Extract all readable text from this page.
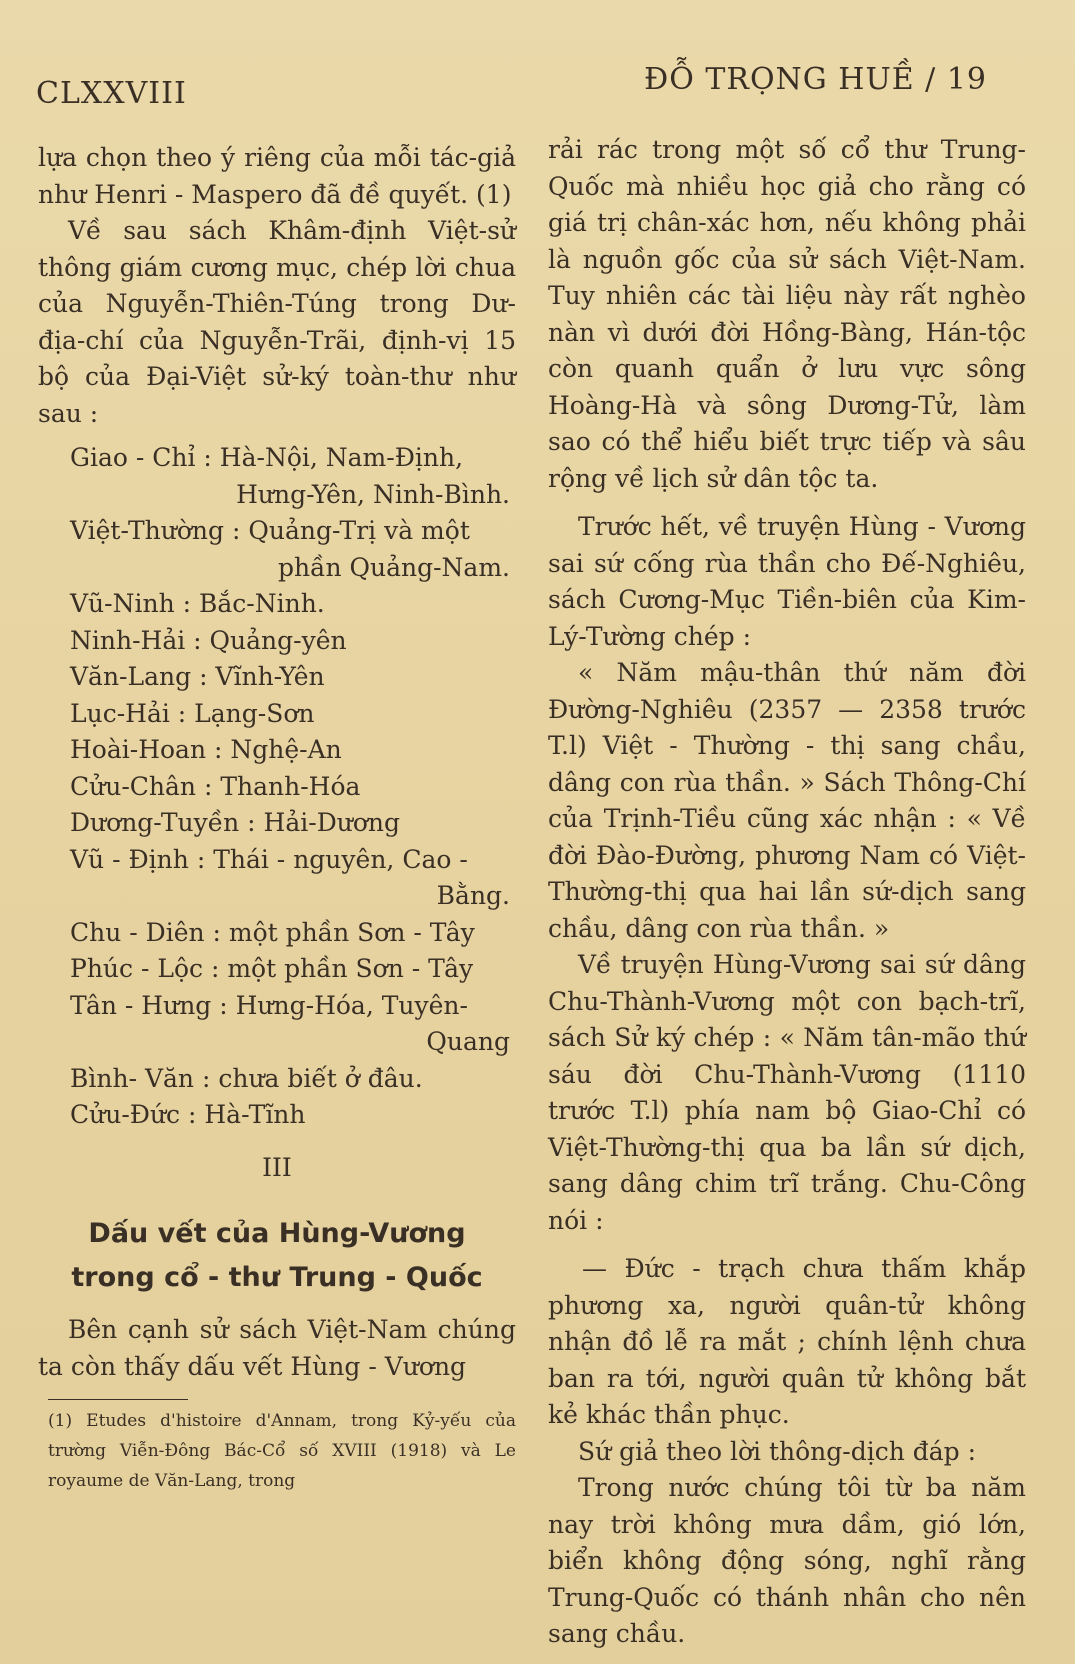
CLXXVIII	ĐỖ TRỌNG HUỀ / 19

lựa chọn theo ý riêng của mỗi tác-giả như Henri - Maspero đã đề quyết. (1)

Về sau sách Khâm-định Việt-sử thông giám cương mục, chép lời chua của Nguyễn-Thiên-Túng trong Dư-địa-chí của Nguyễn-Trãi, định-vị 15 bộ của Đại-Việt sử-ký toàn-thư như sau :

Giao - Chỉ : Hà-Nội, Nam-Định,
Hưng-Yên, Ninh-Bình.
Việt-Thường : Quảng-Trị và một
phần Quảng-Nam.
Vũ-Ninh : Bắc-Ninh.
Ninh-Hải : Quảng-yên
Văn-Lang : Vĩnh-Yên
Lục-Hải : Lạng-Sơn
Hoài-Hoan : Nghệ-An
Cửu-Chân : Thanh-Hóa
Dương-Tuyền : Hải-Dương
Vũ - Định : Thái - nguyên, Cao -
Bằng.
Chu - Diên : một phần Sơn - Tây
Phúc - Lộc : một phần Sơn - Tây
Tân - Hưng : Hưng-Hóa, Tuyên-
Quang
Bình- Văn : chưa biết ở đâu.
Cửu-Đức : Hà-Tĩnh
III
Dấu vết của Hùng-Vương
trong cổ - thư Trung - Quốc

Bên cạnh sử sách Việt-Nam chúng ta còn thấy dấu vết Hùng - Vương

(1) Etudes d'histoire d'Annam, trong Kỷ-yếu của trường Viễn-Đông Bác-Cổ số XVIII (1918) và Le royaume de Văn-Lang, trong

rải rác trong một số cổ thư Trung-Quốc mà nhiều học giả cho rằng có giá trị chân-xác hơn, nếu không phải là nguồn gốc của sử sách Việt-Nam. Tuy nhiên các tài liệu này rất nghèo nàn vì dưới đời Hồng-Bàng, Hán-tộc còn quanh quẩn ở lưu vực sông Hoàng-Hà và sông Dương-Tử, làm sao có thể hiểu biết trực tiếp và sâu rộng về lịch sử dân tộc ta.

Trước hết, về truyện Hùng - Vương sai sứ cống rùa thần cho Đế-Nghiêu, sách Cương-Mục Tiền-biên của Kim-Lý-Tường chép :

« Năm mậu-thân thứ năm đời Đường-Nghiêu (2357 — 2358 trước T.l) Việt - Thường - thị sang chầu, dâng con rùa thần. » Sách Thông-Chí của Trịnh-Tiều cũng xác nhận : « Về đời Đào-Đường, phương Nam có Việt-Thường-thị qua hai lần sứ-dịch sang chầu, dâng con rùa thần. »

Về truyện Hùng-Vương sai sứ dâng Chu-Thành-Vương một con bạch-trĩ, sách Sử ký chép : « Năm tân-mão thứ sáu đời Chu-Thành-Vương (1110 trước T.l) phía nam bộ Giao-Chỉ có Việt-Thường-thị qua ba lần sứ dịch, sang dâng chim trĩ trắng. Chu-Công nói :

— Đức - trạch chưa thấm khắp phương xa, người quân-tử không nhận đồ lễ ra mắt ; chính lệnh chưa ban ra tới, người quân tử không bắt kẻ khác thần phục.

Sứ giả theo lời thông-dịch đáp :

Trong nước chúng tôi từ ba năm nay trời không mưa dầm, gió lớn, biển không động sóng, nghĩ rằng Trung-Quốc có thánh nhân cho nên sang chầu.
